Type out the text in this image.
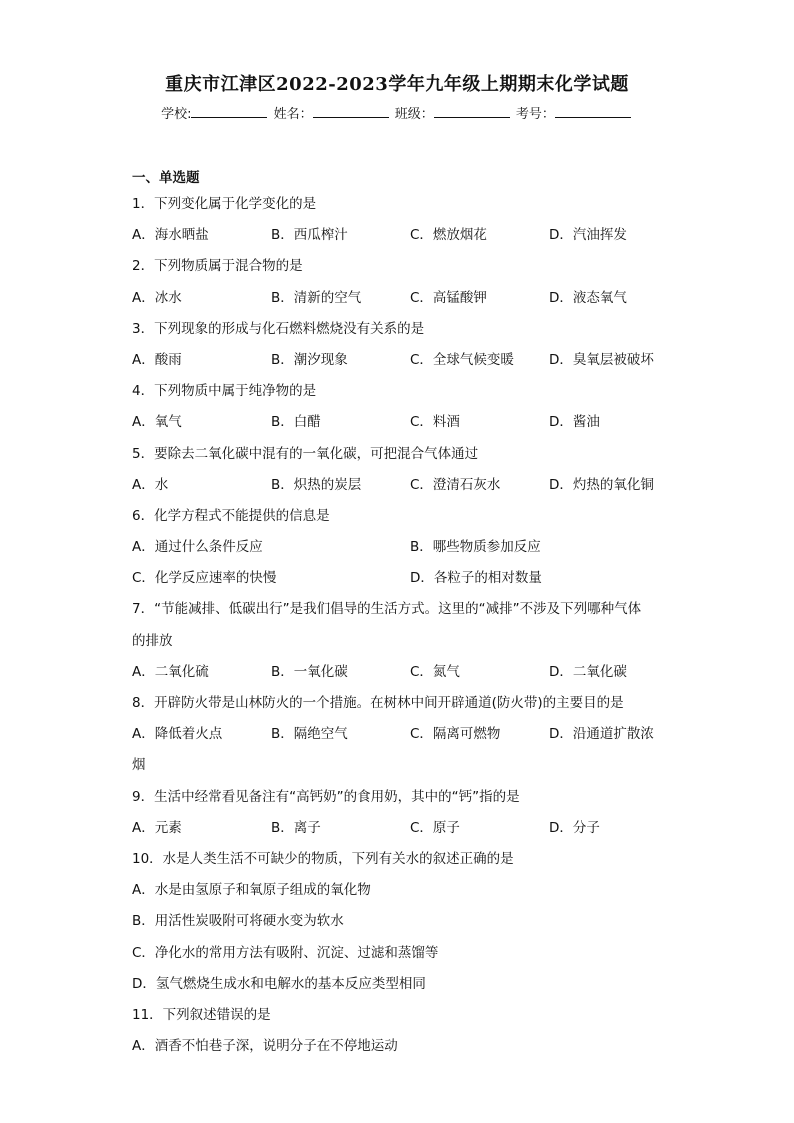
重庆市江津区2022-2023学年九年级上期期末化学试题
学校:	姓名：	班级：	考号：
一、单选题
1．下列变化属于化学变化的是
A．海水晒盐	B．西瓜榨汁	C．燃放烟花	D．汽油挥发
2．下列物质属于混合物的是
A．冰水	B．清新的空气	C．高锰酸钾	D．液态氧气
3．下列现象的形成与化石燃料燃烧没有关系的是
A．酸雨	B．潮汐现象	C．全球气候变暖	D．臭氧层被破坏
4．下列物质中属于纯净物的是
A．氧气	B．白醋	C．料酒	D．酱油
5．要除去二氧化碳中混有的一氧化碳，可把混合气体通过
A．水	B．炽热的炭层	C．澄清石灰水	D．灼热的氧化铜
6．化学方程式不能提供的信息是
A．通过什么条件反应	B．哪些物质参加反应
C．化学反应速率的快慢	D．各粒子的相对数量
7．“节能减排、低碳出行”是我们倡导的生活方式。这里的“减排”不涉及下列哪种气体
的排放
A．二氧化硫	B．一氧化碳	C．氮气	D．二氧化碳
8．开辟防火带是山林防火的一个措施。在树林中间开辟通道(防火带)的主要目的是
A．降低着火点	B．隔绝空气	C．隔离可燃物	D．沿通道扩散浓
烟
9．生活中经常看见备注有“高钙奶”的食用奶，其中的“钙”指的是
A．元素	B．离子	C．原子	D．分子
10．水是人类生活不可缺少的物质，下列有关水的叙述正确的是
A．水是由氢原子和氧原子组成的氧化物
B．用活性炭吸附可将硬水变为软水
C．净化水的常用方法有吸附、沉淀、过滤和蒸馏等
D．氢气燃烧生成水和电解水的基本反应类型相同
11．下列叙述错误的是
A．酒香不怕巷子深，说明分子在不停地运动
